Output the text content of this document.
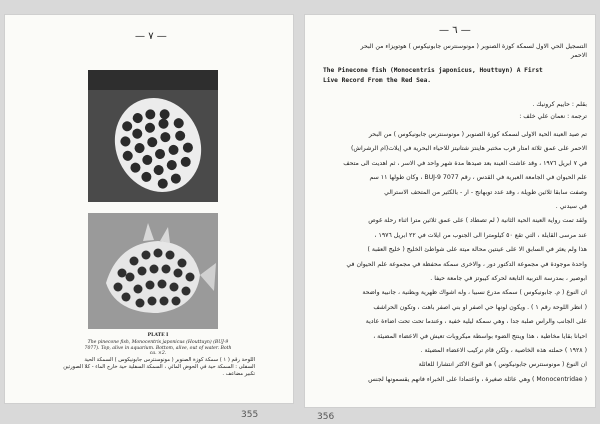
— ٧ —
PLATE I
The pinecone fish, Monocentris japonicus (Houttuyn) (BUJ-9 7077). Top, alive in aquarium. Bottom, alive, out of water. Both ca. ×2.
اللوحة رقم ( ١ ) سمكة كوزة الصنوبر ( مونوسنترس جابونيكوس ) السمكة الحية
السفلى : السمكة حية في الحوض المائي ، السمكة السفلية حية خارج الماء - كلا الصورتين
تكبير مضاعف .
355
— ٦ —
التسجيل الحي الاول لسمكة كوزة الصنوبر ( مونوسنترس جابونيكوس ) هوتويزاء من البحر
الاحمر
The Pinecone fish (Monocentris japonicus, Houttuyn) A First
Live Record From the Red Sea.
بقلم : حاييم كرونيك .
ترجمة : نعمان علي خلف :
تم صيد العينة الحية الاولى لسمكة كوزة الصنوبر ( مونوسنترس جابونيكوس ) من البحر
الاحمر على عمق ثلاثة امتار قرب مختبر هاينتز شتانيتز للاحياء البحرية في إيلات(ام الرشراش)
في ٧ ابريل ١٩٧٦ ، وقد عاشت العينة بعد صيدها مدة شهر واحد في الاسر ، ثم اهديت الى متحف
علم الحيوان في الجامعة العبرية في القدس ، رقم BUJ-9 7077 ، وكان طولها ١١ سم
وصفت سابقا ثلاثين طويلة ، وقد عدد توبهانج - آر - بالكثير من المتحف الاسترالي
في سيدني .
ولقد تمت رواية العينة الحية الثانية ( لم تصطاد ) على عمق ثلاثين مترا اثناء رحلة غوص
عند مرسى القايلة ، التي تقع ٥٠ كيلومترا الى الجنوب من ايلات في ٢٢ ابريل ١٩٧٦ ،
هذا ولم يعثر في السابق الا على عينتين محالة ميتة على شواطئ الخليج ( خليج العقبة )
واحدة موجودة في مجموعة الدكتور دور ، والاخرى سمكة محفظة في مجموعة علم الحيوان في
أبوصير ، بمدرسة التربية التابعة لحركة كيبوتز في جامعة حيفا .
ان النوع ( م. جابونيكوس ) سمكة مدرع نسبيا ، وله اشواك ظهرية وبطنية ، جانبية واضحة
( انظر اللوحة رقم ١ ) . ويكون لونها حي اصفر او بني اصفر باهت ، وتكون الحراشف
على الجانب والرأس صلبة جدا ، وهي سمكة ليلية خفية ، وعندما تحت تحت اضاءة عادية
احيانا بقايا مخاطية ، هذا وينتج الضوء بواسطة ميكروبات تعيش في الاعضاء المضيئة ،
( ١٩٢٨ ) حملته هذه الخاصية ، ولكن قام تركيب الاعضاء المضيئة .
ان النوع ( مونوسنترس جابونيكوس ) هو النوع الاكثر انتشارا للعائلة
( Monocentridae ) وهي عائلة صغيرة ، واعتمادا على الخبراء فانهم يقسمونها لجنس
356
